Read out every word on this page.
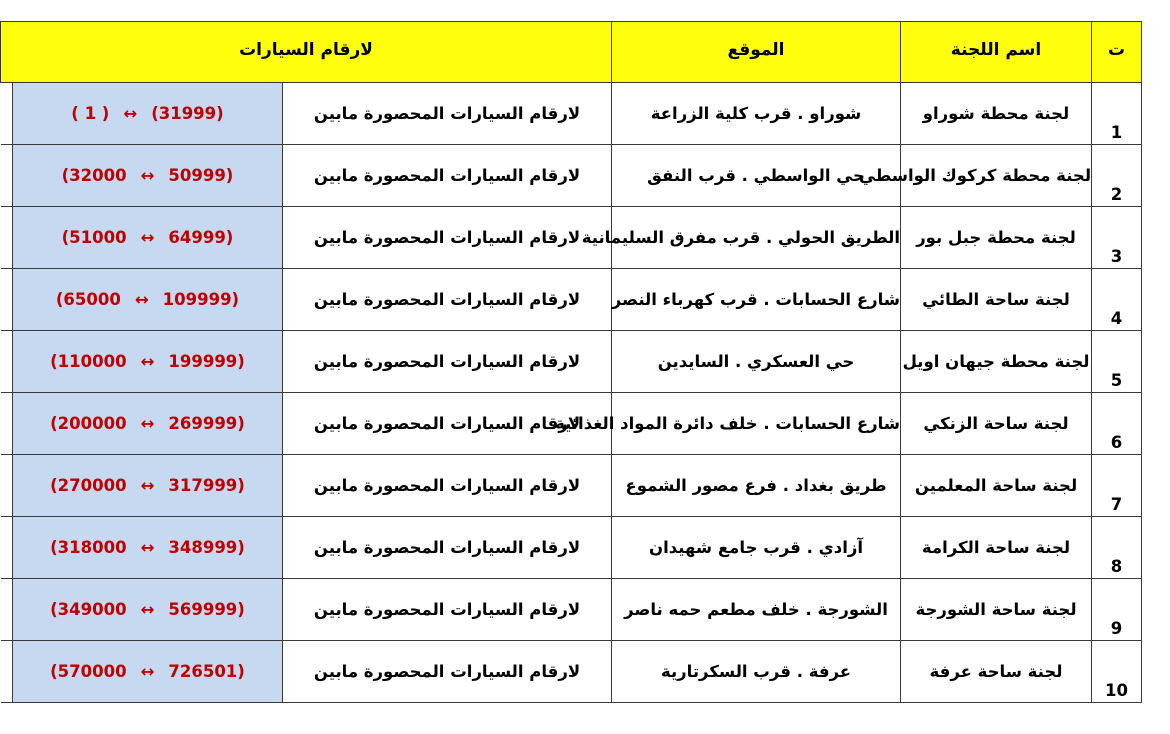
لارقام السيارات			الموقع	اسم اللجنة	ت
	( 1 ) ↔ (31999)	لارقام السيارات المحصورة مابين	شوراو . قرب كلية الزراعة	لجنة محطة شوراو	1
	(32000 ↔ 50999)	لارقام السيارات المحصورة مابين	حي الواسطي . قرب النفق	لجنة محطة كركوك الواسطي	2
	(51000 ↔ 64999)	لارقام السيارات المحصورة مابين	الطريق الحولي . قرب مفرق السليمانية	لجنة محطة جبل بور	3
	(65000 ↔ 109999)	لارقام السيارات المحصورة مابين	شارع الحسابات . قرب كهرباء النصر	لجنة ساحة الطائي	4
	(110000 ↔ 199999)	لارقام السيارات المحصورة مابين	حي العسكري . السايدين	لجنة محطة جيهان اويل	5
	(200000 ↔ 269999)	لارقام السيارات المحصورة مابين	شارع الحسابات . خلف دائرة المواد الغذائية	لجنة ساحة الزنكي	6
	(270000 ↔ 317999)	لارقام السيارات المحصورة مابين	طريق بغداد . فرع مصور الشموع	لجنة ساحة المعلمين	7
	(318000 ↔ 348999)	لارقام السيارات المحصورة مابين	آزادي . قرب جامع شهيدان	لجنة ساحة الكرامة	8
	(349000 ↔ 569999)	لارقام السيارات المحصورة مابين	الشورجة . خلف مطعم حمه ناصر	لجنة ساحة الشورجة	9
	(570000 ↔ 726501)	لارقام السيارات المحصورة مابين	عرفة . قرب السكرتارية	لجنة ساحة عرفة	10
